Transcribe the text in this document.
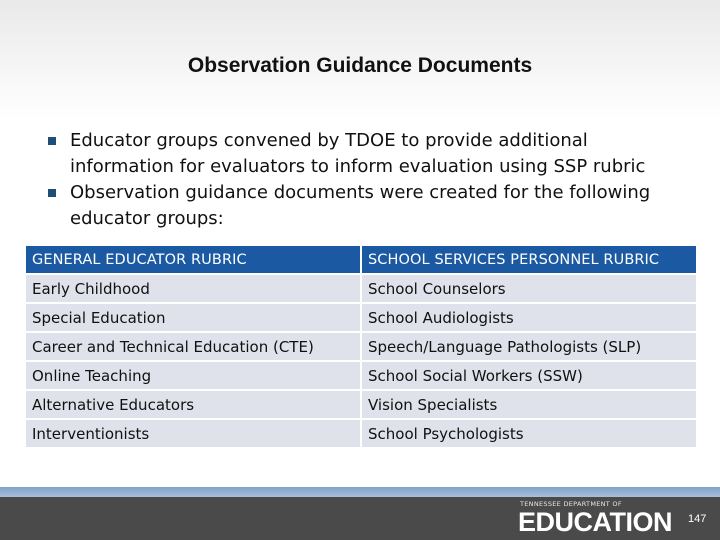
Observation Guidance Documents
Educator groups convened by TDOE to provide additional information for evaluators to inform evaluation using SSP rubric
Observation guidance documents were created for the following educator groups:
GENERAL EDUCATOR RUBRIC	SCHOOL SERVICES PERSONNEL RUBRIC
Early Childhood	School Counselors
Special Education	School Audiologists
Career and Technical Education (CTE)	Speech/Language Pathologists (SLP)
Online Teaching	School Social Workers (SSW)
Alternative Educators	Vision Specialists
Interventionists	School Psychologists
TENNESSEE DEPARTMENT OF
EDUCATION 147
